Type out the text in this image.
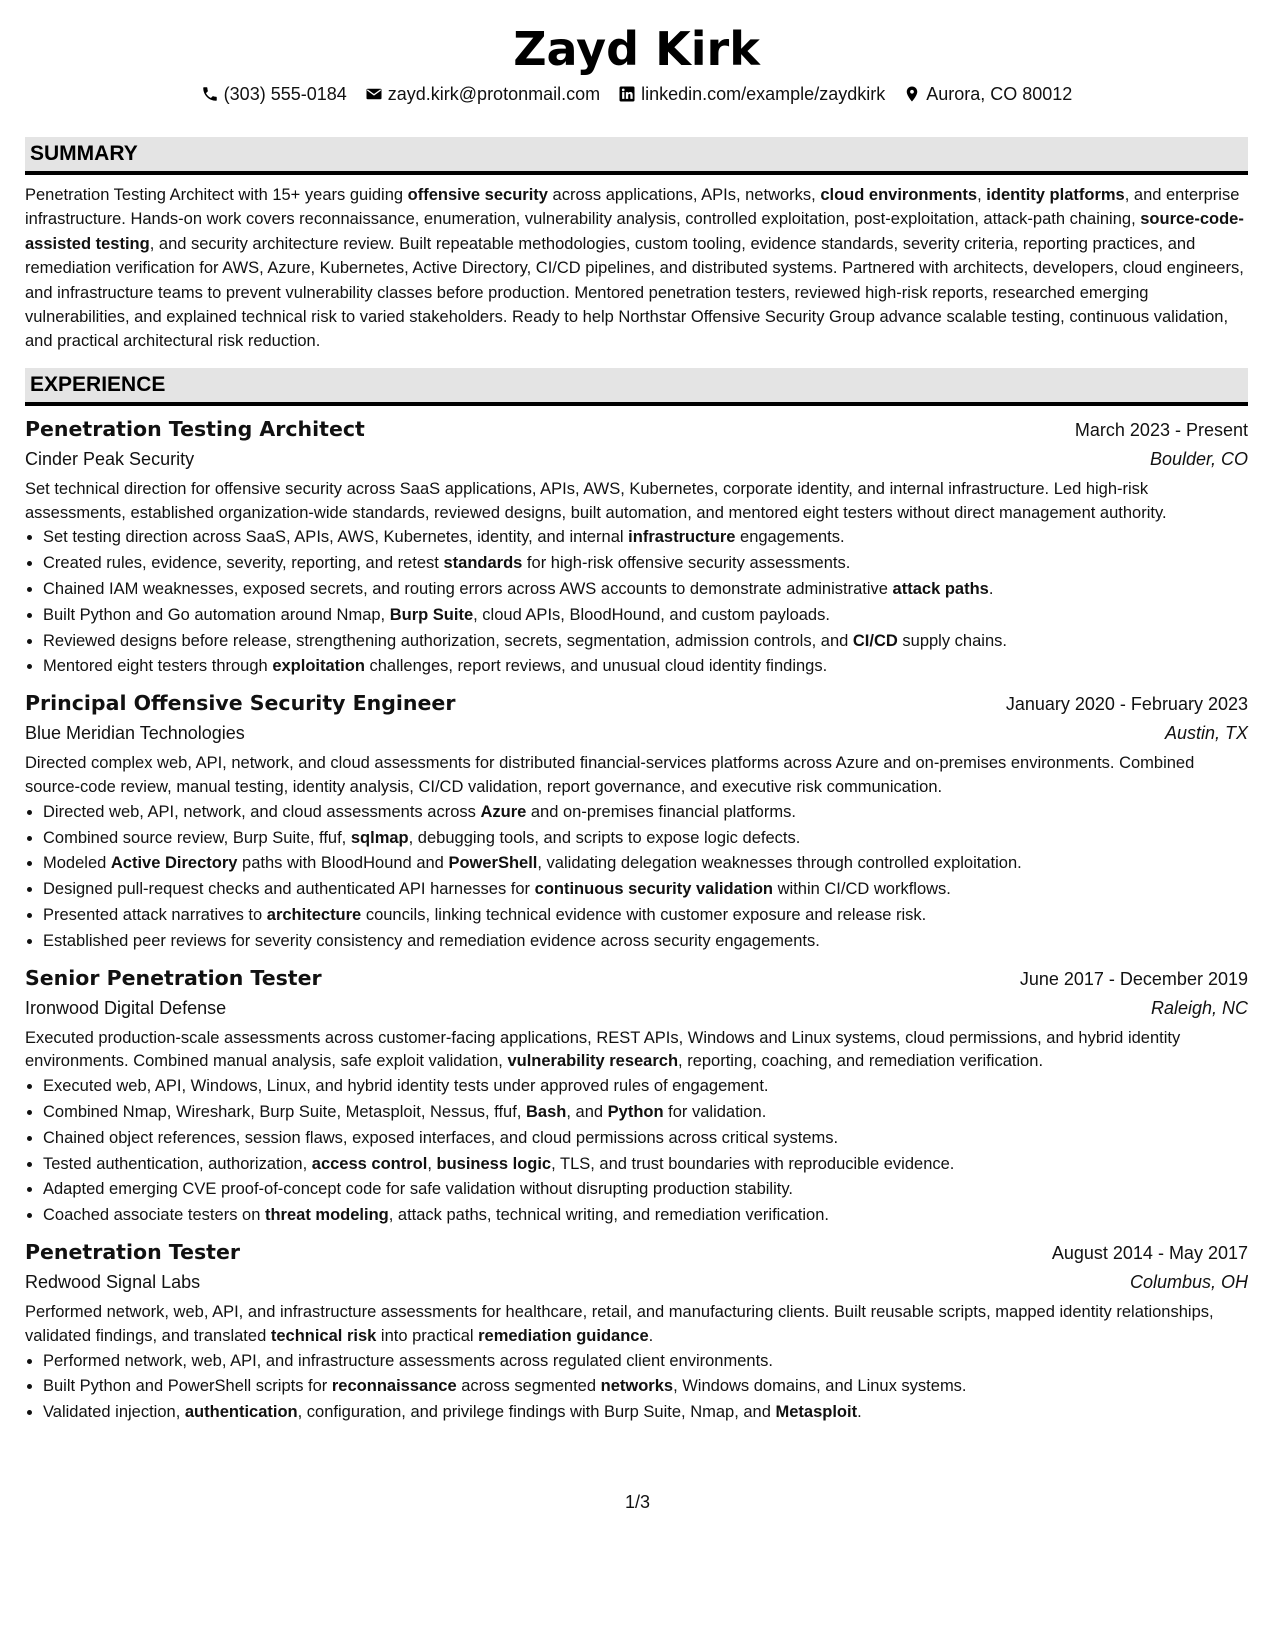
Zayd Kirk
(303) 555-0184 zayd.kirk@protonmail.com linkedin.com/example/zaydkirk Aurora, CO 80012
SUMMARY
Penetration Testing Architect with 15+ years guiding offensive security across applications, APIs, networks, cloud environments, identity platforms, and enterprise infrastructure. Hands-on work covers reconnaissance, enumeration, vulnerability analysis, controlled exploitation, post-exploitation, attack-path chaining, source-code-assisted testing, and security architecture review. Built repeatable methodologies, custom tooling, evidence standards, severity criteria, reporting practices, and remediation verification for AWS, Azure, Kubernetes, Active Directory, CI/CD pipelines, and distributed systems. Partnered with architects, developers, cloud engineers, and infrastructure teams to prevent vulnerability classes before production. Mentored penetration testers, reviewed high-risk reports, researched emerging vulnerabilities, and explained technical risk to varied stakeholders. Ready to help Northstar Offensive Security Group advance scalable testing, continuous validation, and practical architectural risk reduction.
EXPERIENCE
Penetration Testing Architect	March 2023 - Present
Cinder Peak Security	Boulder, CO
Set technical direction for offensive security across SaaS applications, APIs, AWS, Kubernetes, corporate identity, and internal infrastructure. Led high-risk assessments, established organization-wide standards, reviewed designs, built automation, and mentored eight testers without direct management authority.
• Set testing direction across SaaS, APIs, AWS, Kubernetes, identity, and internal infrastructure engagements.
• Created rules, evidence, severity, reporting, and retest standards for high-risk offensive security assessments.
• Chained IAM weaknesses, exposed secrets, and routing errors across AWS accounts to demonstrate administrative attack paths.
• Built Python and Go automation around Nmap, Burp Suite, cloud APIs, BloodHound, and custom payloads.
• Reviewed designs before release, strengthening authorization, secrets, segmentation, admission controls, and CI/CD supply chains.
• Mentored eight testers through exploitation challenges, report reviews, and unusual cloud identity findings.
Principal Offensive Security Engineer	January 2020 - February 2023
Blue Meridian Technologies	Austin, TX
Directed complex web, API, network, and cloud assessments for distributed financial-services platforms across Azure and on-premises environments. Combined source-code review, manual testing, identity analysis, CI/CD validation, report governance, and executive risk communication.
• Directed web, API, network, and cloud assessments across Azure and on-premises financial platforms.
• Combined source review, Burp Suite, ffuf, sqlmap, debugging tools, and scripts to expose logic defects.
• Modeled Active Directory paths with BloodHound and PowerShell, validating delegation weaknesses through controlled exploitation.
• Designed pull-request checks and authenticated API harnesses for continuous security validation within CI/CD workflows.
• Presented attack narratives to architecture councils, linking technical evidence with customer exposure and release risk.
• Established peer reviews for severity consistency and remediation evidence across security engagements.
Senior Penetration Tester	June 2017 - December 2019
Ironwood Digital Defense	Raleigh, NC
Executed production-scale assessments across customer-facing applications, REST APIs, Windows and Linux systems, cloud permissions, and hybrid identity environments. Combined manual analysis, safe exploit validation, vulnerability research, reporting, coaching, and remediation verification.
• Executed web, API, Windows, Linux, and hybrid identity tests under approved rules of engagement.
• Combined Nmap, Wireshark, Burp Suite, Metasploit, Nessus, ffuf, Bash, and Python for validation.
• Chained object references, session flaws, exposed interfaces, and cloud permissions across critical systems.
• Tested authentication, authorization, access control, business logic, TLS, and trust boundaries with reproducible evidence.
• Adapted emerging CVE proof-of-concept code for safe validation without disrupting production stability.
• Coached associate testers on threat modeling, attack paths, technical writing, and remediation verification.
Penetration Tester	August 2014 - May 2017
Redwood Signal Labs	Columbus, OH
Performed network, web, API, and infrastructure assessments for healthcare, retail, and manufacturing clients. Built reusable scripts, mapped identity relationships, validated findings, and translated technical risk into practical remediation guidance.
• Performed network, web, API, and infrastructure assessments across regulated client environments.
• Built Python and PowerShell scripts for reconnaissance across segmented networks, Windows domains, and Linux systems.
• Validated injection, authentication, configuration, and privilege findings with Burp Suite, Nmap, and Metasploit.
1/3
